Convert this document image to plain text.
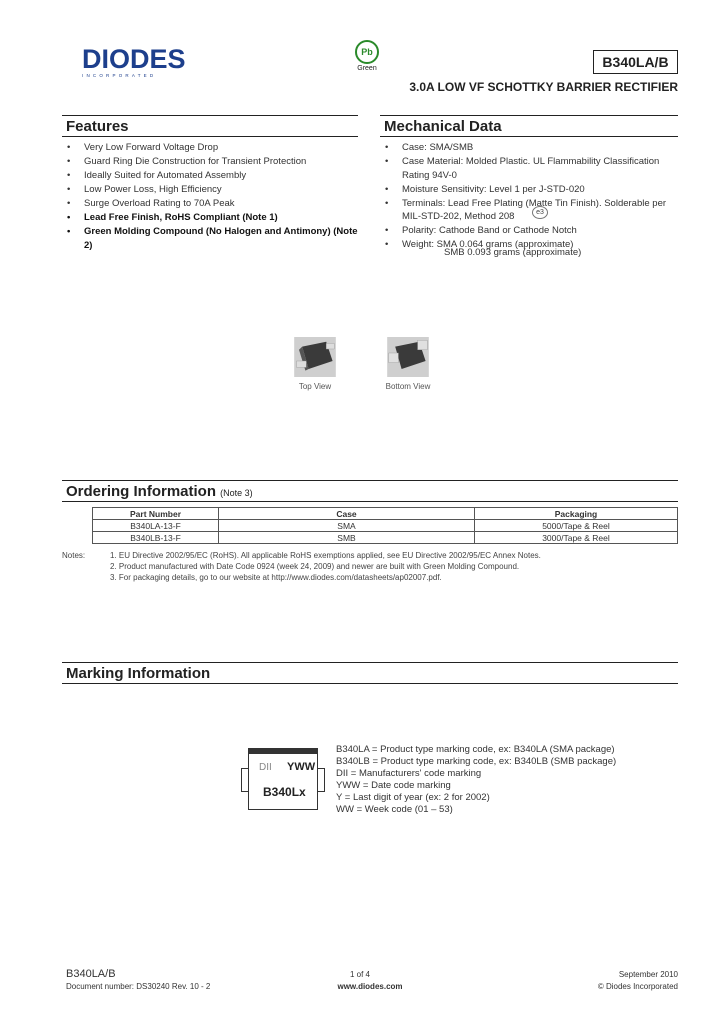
DIODES
INCORPORATED
Pb
Green	B340LA/B
3.0A LOW VF SCHOTTKY BARRIER RECTIFIER
Features
• Very Low Forward Voltage Drop
• Guard Ring Die Construction for Transient Protection
• Ideally Suited for Automated Assembly
• Low Power Loss, High Efficiency
• Surge Overload Rating to 70A Peak
• Lead Free Finish, RoHS Compliant (Note 1)
• Green Molding Compound (No Halogen and Antimony) (Note 2)
Mechanical Data
• Case: SMA/SMB
• Case Material: Molded Plastic. UL Flammability Classification Rating 94V-0
• Moisture Sensitivity: Level 1 per J-STD-020
• Terminals: Lead Free Plating (Matte Tin Finish). Solderable per MIL-STD-202, Method 208
• Polarity: Cathode Band or Cathode Notch
• Weight: SMA 0.064 grams (approximate)
SMB 0.093 grams (approximate)
e3
Top View	Bottom View
Ordering Information (Note 3)
Part Number	Case	Packaging
B340LA-13-F	SMA	5000/Tape & Reel
B340LB-13-F	SMB	3000/Tape & Reel
Notes:	1. EU Directive 2002/95/EC (RoHS). All applicable RoHS exemptions applied, see EU Directive 2002/95/EC Annex Notes.
2. Product manufactured with Date Code 0924 (week 24, 2009) and newer are built with Green Molding Compound.
3. For packaging details, go to our website at http://www.diodes.com/datasheets/ap02007.pdf.
Marking Information
DII YWW
B340Lx
B340LA = Product type marking code, ex: B340LA (SMA package)
B340LB = Product type marking code, ex: B340LB (SMB package)
DII = Manufacturers' code marking
YWW = Date code marking
Y = Last digit of year (ex: 2 for 2002)
WW = Week code (01 – 53)
B340LA/B
Document number: DS30240 Rev. 10 - 2
1 of 4
www.diodes.com
September 2010
© Diodes Incorporated
